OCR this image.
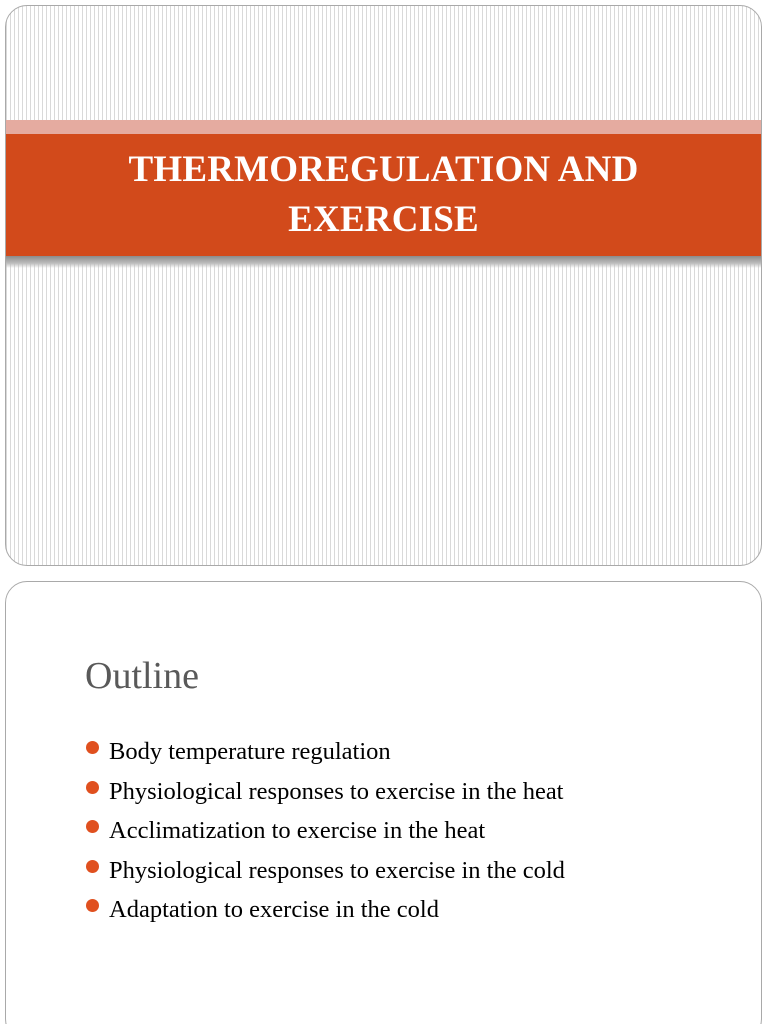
THERMOREGULATION AND EXERCISE
Outline
Body temperature regulation
Physiological responses to exercise in the heat
Acclimatization to exercise in the heat
Physiological responses to exercise in the cold
Adaptation to exercise in the cold
